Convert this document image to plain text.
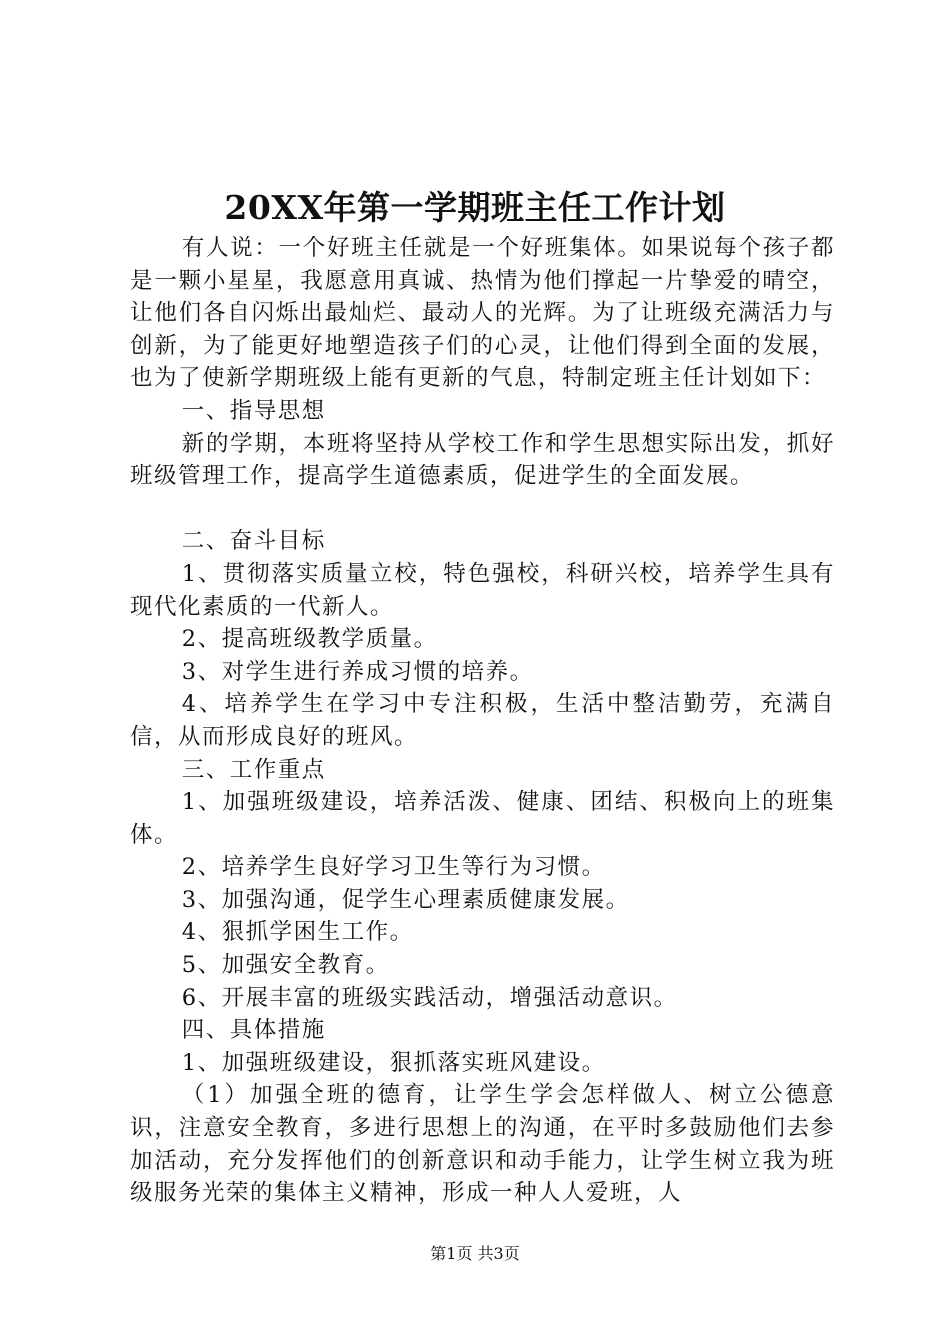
20XX年第一学期班主任工作计划

有人说：一个好班主任就是一个好班集体。如果说每个孩子都是一颗小星星，我愿意用真诚、热情为他们撑起一片挚爱的晴空，让他们各自闪烁出最灿烂、最动人的光辉。为了让班级充满活力与创新，为了能更好地塑造孩子们的心灵，让他们得到全面的发展，也为了使新学期班级上能有更新的气息，特制定班主任计划如下：

一、指导思想

新的学期，本班将坚持从学校工作和学生思想实际出发，抓好班级管理工作，提高学生道德素质，促进学生的全面发展。

二、奋斗目标

1、贯彻落实质量立校，特色强校，科研兴校，培养学生具有现代化素质的一代新人。

2、提高班级教学质量。

3、对学生进行养成习惯的培养。

4、培养学生在学习中专注积极，生活中整洁勤劳，充满自信，从而形成良好的班风。

三、工作重点

1、加强班级建设，培养活泼、健康、团结、积极向上的班集体。

2、培养学生良好学习卫生等行为习惯。

3、加强沟通，促学生心理素质健康发展。

4、狠抓学困生工作。

5、加强安全教育。

6、开展丰富的班级实践活动，增强活动意识。

四、具体措施

1、加强班级建设，狠抓落实班风建设。

（1）加强全班的德育，让学生学会怎样做人、树立公德意识，注意安全教育，多进行思想上的沟通，在平时多鼓励他们去参加活动，充分发挥他们的创新意识和动手能力，让学生树立我为班级服务光荣的集体主义精神，形成一种人人爱班，人

第1页 共3页
